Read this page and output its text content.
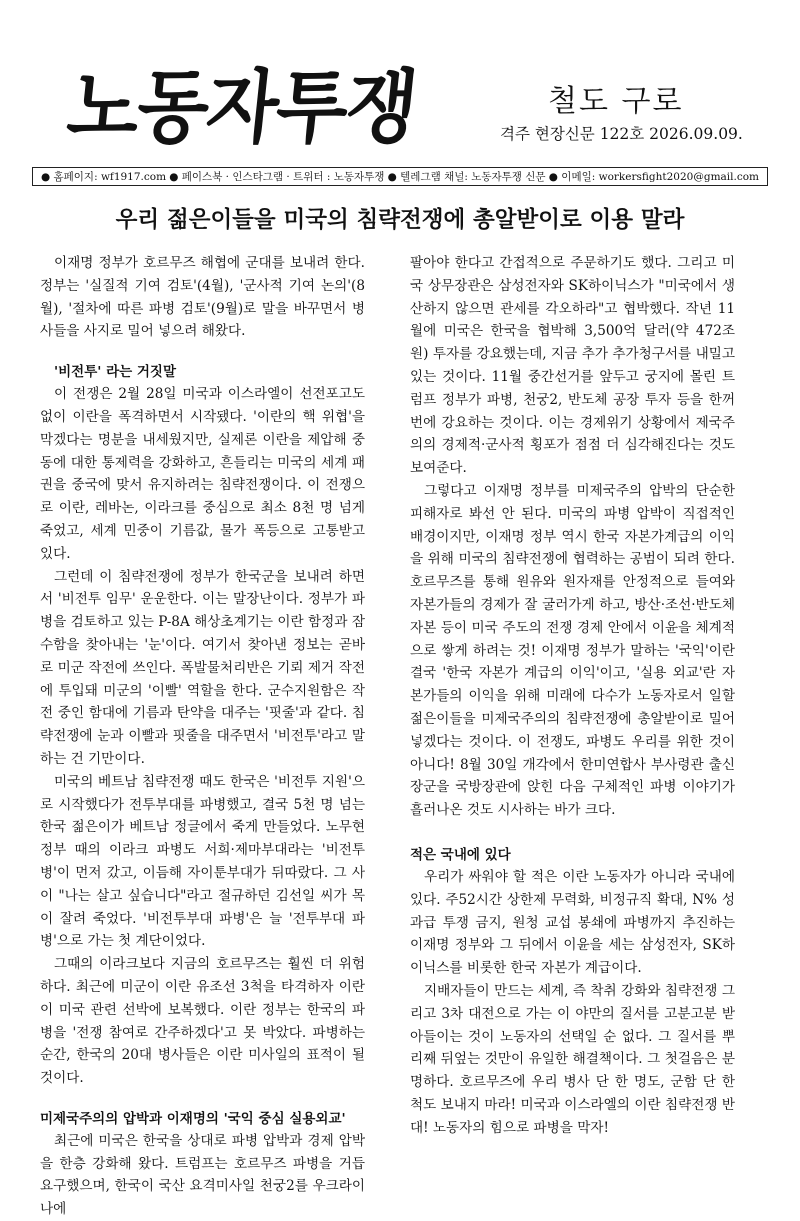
노동자투쟁	철도 구로
격주 현장신문 122호 2026.09.09.
● 홈페이지: wf1917.com ● 페이스북 · 인스타그램 · 트위터 : 노동자투쟁 ● 텔레그램 채널: 노동자투쟁 신문 ● 이메일: workersfight2020@gmail.com
우리 젊은이들을 미국의 침략전쟁에 총알받이로 이용 말라

이재명 정부가 호르무즈 해협에 군대를 보내려 한다. 정부는 '실질적 기여 검토'(4월), '군사적 기여 논의'(8월), '절차에 따른 파병 검토'(9월)로 말을 바꾸면서 병사들을 사지로 밀어 넣으려 해왔다.

'비전투' 라는 거짓말

이 전쟁은 2월 28일 미국과 이스라엘이 선전포고도 없이 이란을 폭격하면서 시작됐다. '이란의 핵 위협'을 막겠다는 명분을 내세웠지만, 실제론 이란을 제압해 중동에 대한 통제력을 강화하고, 흔들리는 미국의 세계 패권을 중국에 맞서 유지하려는 침략전쟁이다. 이 전쟁으로 이란, 레바논, 이라크를 중심으로 최소 8천 명 넘게 죽었고, 세계 민중이 기름값, 물가 폭등으로 고통받고 있다.

그런데 이 침략전쟁에 정부가 한국군을 보내려 하면서 '비전투 임무' 운운한다. 이는 말장난이다. 정부가 파병을 검토하고 있는 P-8A 해상초계기는 이란 함정과 잠수함을 찾아내는 '눈'이다. 여기서 찾아낸 정보는 곧바로 미군 작전에 쓰인다. 폭발물처리반은 기뢰 제거 작전에 투입돼 미군의 '이빨' 역할을 한다. 군수지원함은 작전 중인 함대에 기름과 탄약을 대주는 '핏줄'과 같다. 침략전쟁에 눈과 이빨과 핏줄을 대주면서 '비전투'라고 말하는 건 기만이다.

미국의 베트남 침략전쟁 때도 한국은 '비전투 지원'으로 시작했다가 전투부대를 파병했고, 결국 5천 명 넘는 한국 젊은이가 베트남 정글에서 죽게 만들었다. 노무현 정부 때의 이라크 파병도 서희·제마부대라는 '비전투병'이 먼저 갔고, 이듬해 자이툰부대가 뒤따랐다. 그 사이 "나는 살고 싶습니다"라고 절규하던 김선일 씨가 목이 잘려 죽었다. '비전투부대 파병'은 늘 '전투부대 파병'으로 가는 첫 계단이었다.

그때의 이라크보다 지금의 호르무즈는 훨씬 더 위험하다. 최근에 미군이 이란 유조선 3척을 타격하자 이란이 미국 관련 선박에 보복했다. 이란 정부는 한국의 파병을 '전쟁 참여로 간주하겠다'고 못 박았다. 파병하는 순간, 한국의 20대 병사들은 이란 미사일의 표적이 될 것이다.

미제국주의의 압박과 이재명의 '국익 중심 실용외교'

최근에 미국은 한국을 상대로 파병 압박과 경제 압박을 한층 강화해 왔다. 트럼프는 호르무즈 파병을 거듭 요구했으며, 한국이 국산 요격미사일 천궁2를 우크라이나에

팔아야 한다고 간접적으로 주문하기도 했다. 그리고 미국 상무장관은 삼성전자와 SK하이닉스가 "미국에서 생산하지 않으면 관세를 각오하라"고 협박했다. 작년 11월에 미국은 한국을 협박해 3,500억 달러(약 472조 원) 투자를 강요했는데, 지금 추가 추가청구서를 내밀고 있는 것이다. 11월 중간선거를 앞두고 궁지에 몰린 트럼프 정부가 파병, 천궁2, 반도체 공장 투자 등을 한꺼번에 강요하는 것이다. 이는 경제위기 상황에서 제국주의의 경제적·군사적 횡포가 점점 더 심각해진다는 것도 보여준다.

그렇다고 이재명 정부를 미제국주의 압박의 단순한 피해자로 봐선 안 된다. 미국의 파병 압박이 직접적인 배경이지만, 이재명 정부 역시 한국 자본가계급의 이익을 위해 미국의 침략전쟁에 협력하는 공범이 되려 한다. 호르무즈를 통해 원유와 원자재를 안정적으로 들여와 자본가들의 경제가 잘 굴러가게 하고, 방산·조선·반도체 자본 등이 미국 주도의 전쟁 경제 안에서 이윤을 체계적으로 쌓게 하려는 것! 이재명 정부가 말하는 '국익'이란 결국 '한국 자본가 계급의 이익'이고, '실용 외교'란 자본가들의 이익을 위해 미래에 다수가 노동자로서 일할 젊은이들을 미제국주의의 침략전쟁에 총알받이로 밀어넣겠다는 것이다. 이 전쟁도, 파병도 우리를 위한 것이 아니다! 8월 30일 개각에서 한미연합사 부사령관 출신 장군을 국방장관에 앉힌 다음 구체적인 파병 이야기가 흘러나온 것도 시사하는 바가 크다.

적은 국내에 있다

우리가 싸워야 할 적은 이란 노동자가 아니라 국내에 있다. 주52시간 상한제 무력화, 비정규직 확대, N% 성과급 투쟁 금지, 원청 교섭 봉쇄에 파병까지 추진하는 이재명 정부와 그 뒤에서 이윤을 세는 삼성전자, SK하이닉스를 비롯한 한국 자본가 계급이다.

지배자들이 만드는 세계, 즉 착취 강화와 침략전쟁 그리고 3차 대전으로 가는 이 야만의 질서를 고분고분 받아들이는 것이 노동자의 선택일 순 없다. 그 질서를 뿌리째 뒤엎는 것만이 유일한 해결책이다. 그 첫걸음은 분명하다. 호르무즈에 우리 병사 단 한 명도, 군함 단 한 척도 보내지 마라! 미국과 이스라엘의 이란 침략전쟁 반대! 노동자의 힘으로 파병을 막자!
